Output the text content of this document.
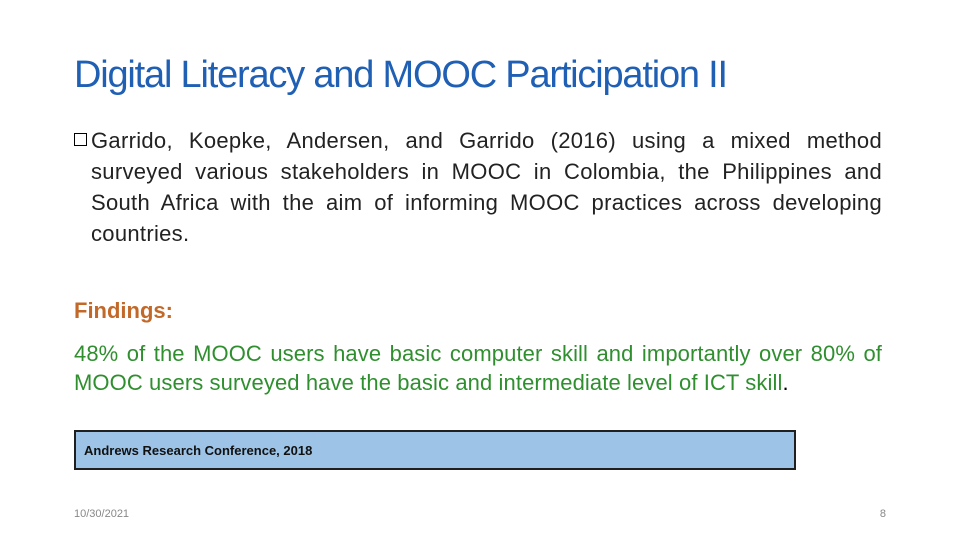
Digital Literacy and MOOC Participation II
Garrido, Koepke, Andersen, and Garrido (2016) using a mixed method surveyed various stakeholders in MOOC in Colombia, the Philippines and South Africa with the aim of informing MOOC practices across developing countries.
Findings:
48% of the MOOC users have basic computer skill and importantly over 80% of MOOC users surveyed have the basic and intermediate level of ICT skill.
Andrews Research Conference, 2018
10/30/2021	8
